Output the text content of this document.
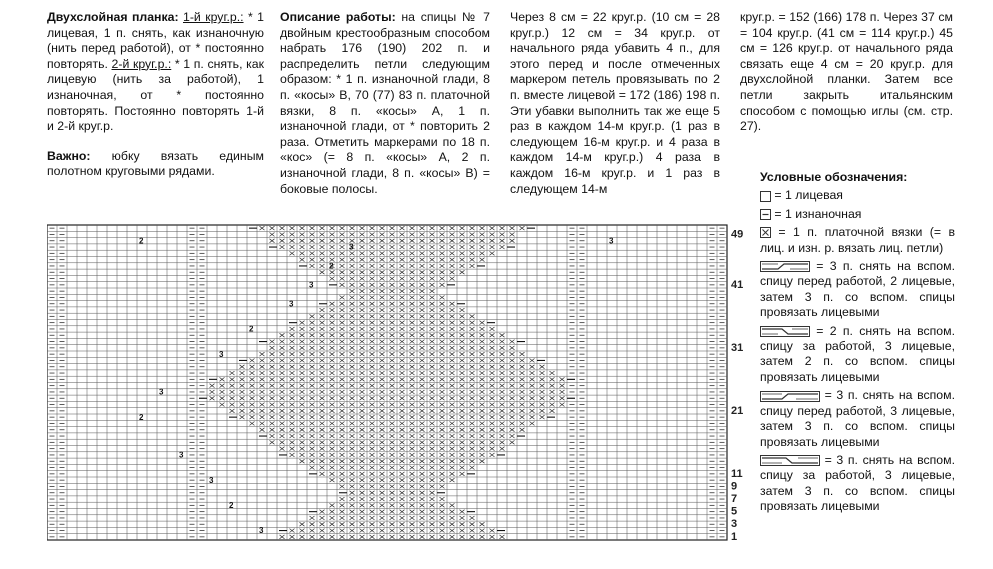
Двухслойная планка: 1-й круг.р.: * 1 лицевая, 1 п. снять, как изнаночную (нить перед работой), от * постоянно повторять. 2-й круг.р.: * 1 п. снять, как лицевую (нить за работой), 1 изнаночная, от * постоянно повторять. Постоянно повторять 1-й и 2-й круг.р.

Важно: юбку вязать единым полотном круговыми рядами.

Описание работы: на спицы № 7 двойным крестообразным способом набрать 176 (190) 202 п. и распределить петли следующим образом: * 1 п. изнаночной глади, 8 п. «косы» В, 70 (77) 83 п. платочной вязки, 8 п. «косы» А, 1 п. изнаночной глади, от * повторить 2 раза. Отметить маркерами по 18 п. «кос» (= 8 п. «косы» А, 2 п. изнаночной глади, 8 п. «косы» В) = боковые полосы.

Через 8 см = 22 круг.р. (10 см = 28 круг.р.) 12 см = 34 круг.р. от начального ряда убавить 4 п., для этого перед и после отмеченных маркером петель провязывать по 2 п. вместе лицевой = 172 (186) 198 п. Эти убавки выполнить так же еще 5 раз в каждом 14-м круг.р. (1 раз в следующем 16-м круг.р. и 4 раза в каждом 14-м круг.р.) 4 раза в каждом 16-м круг.р. и 1 раз в следующем 14-м

круг.р. = 152 (166) 178 п. Через 37 см = 104 круг.р. (41 см = 114 круг.р.) 45 см = 126 круг.р. от начального ряда связать еще 4 см = 20 круг.р. для двухслойной планки. Затем все петли закрыть итальянским способом с помощью иглы (см. стр. 27).

Условные обозначения:
= 1 лицевая
= 1 изнаночная
= 1 п. платочной вязки (= в лиц. и изн. р. вязать лиц. петли)
= 3 п. снять на вспом. спицу перед работой, 2 лицевые, затем 3 п. со вспом. спицы провязать лицевыми
= 2 п. снять на вспом. спицу за работой, 3 лицевые, затем 2 п. со вспом. спицы провязать лицевыми
= 3 п. снять на вспом. спицу перед работой, 3 лицевые, затем 3 п. со вспом. спицы провязать лицевыми
= 3 п. снять на вспом. спицу за работой, 3 лицевые, затем 3 п. со вспом. спицы провязать лицевыми
2	3
3
2
3
3
2
3
3
2
3
3
2
3
49
41
31
21
11
9
7
5
3
1
